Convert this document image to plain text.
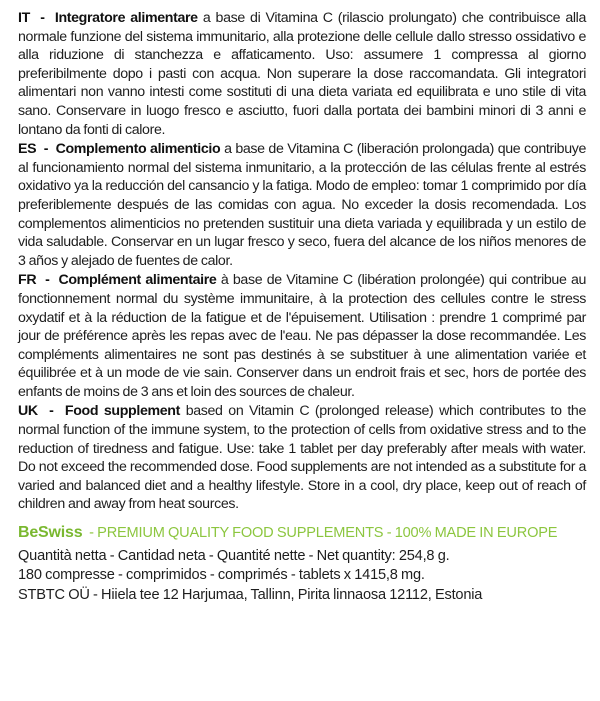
IT - Integratore alimentare a base di Vitamina C (rilascio prolungato) che contribuisce alla normale funzione del sistema immunitario, alla protezione delle cellule dallo stresso ossidativo e alla riduzione di stanchezza e affaticamento. Uso: assumere 1 compressa al giorno preferibilmente dopo i pasti con acqua. Non superare la dose raccomandata. Gli integratori alimentari non vanno intesti come sostituti di una dieta variata ed equilibrata e uno stile di vita sano. Conservare in luogo fresco e asciutto, fuori dalla portata dei bambini minori di 3 anni e lontano da fonti di calore.

ES - Complemento alimenticio a base de Vitamina C (liberación prolongada) que contribuye al funcionamiento normal del sistema inmunitario, a la protección de las células frente al estrés oxidativo ya la reducción del cansancio y la fatiga. Modo de empleo: tomar 1 comprimido por día preferiblemente después de las comidas con agua. No exceder la dosis recomendada. Los complementos alimenticios no pretenden sustituir una dieta variada y equilibrada y un estilo de vida saludable. Conservar en un lugar fresco y seco, fuera del alcance de los niños menores de 3 años y alejado de fuentes de calor.

FR - Complément alimentaire à base de Vitamine C (libération prolongée) qui contribue au fonctionnement normal du système immunitaire, à la protection des cellules contre le stress oxydatif et à la réduction de la fatigue et de l'épuisement. Utilisation : prendre 1 comprimé par jour de préférence après les repas avec de l'eau. Ne pas dépasser la dose recommandée. Les compléments alimentaires ne sont pas destinés à se substituer à une alimentation variée et équilibrée et à un mode de vie sain. Conserver dans un endroit frais et sec, hors de portée des enfants de moins de 3 ans et loin des sources de chaleur.

UK - Food supplement based on Vitamin C (prolonged release) which contributes to the normal function of the immune system, to the protection of cells from oxidative stress and to the reduction of tiredness and fatigue. Use: take 1 tablet per day preferably after meals with water. Do not exceed the recommended dose. Food supplements are not intended as a substitute for a varied and balanced diet and a healthy lifestyle. Store in a cool, dry place, keep out of reach of children and away from heat sources.

BeSwiss - PREMIUM QUALITY FOOD SUPPLEMENTS - 100% MADE IN EUROPE
Quantità netta - Cantidad neta - Quantité nette - Net quantity: 254,8 g.
180 compresse - comprimidos - comprimés - tablets x 1415,8 mg.
STBTC OÜ - Hiiela tee 12 Harjumaa, Tallinn, Pirita linnaosa 12112, Estonia
